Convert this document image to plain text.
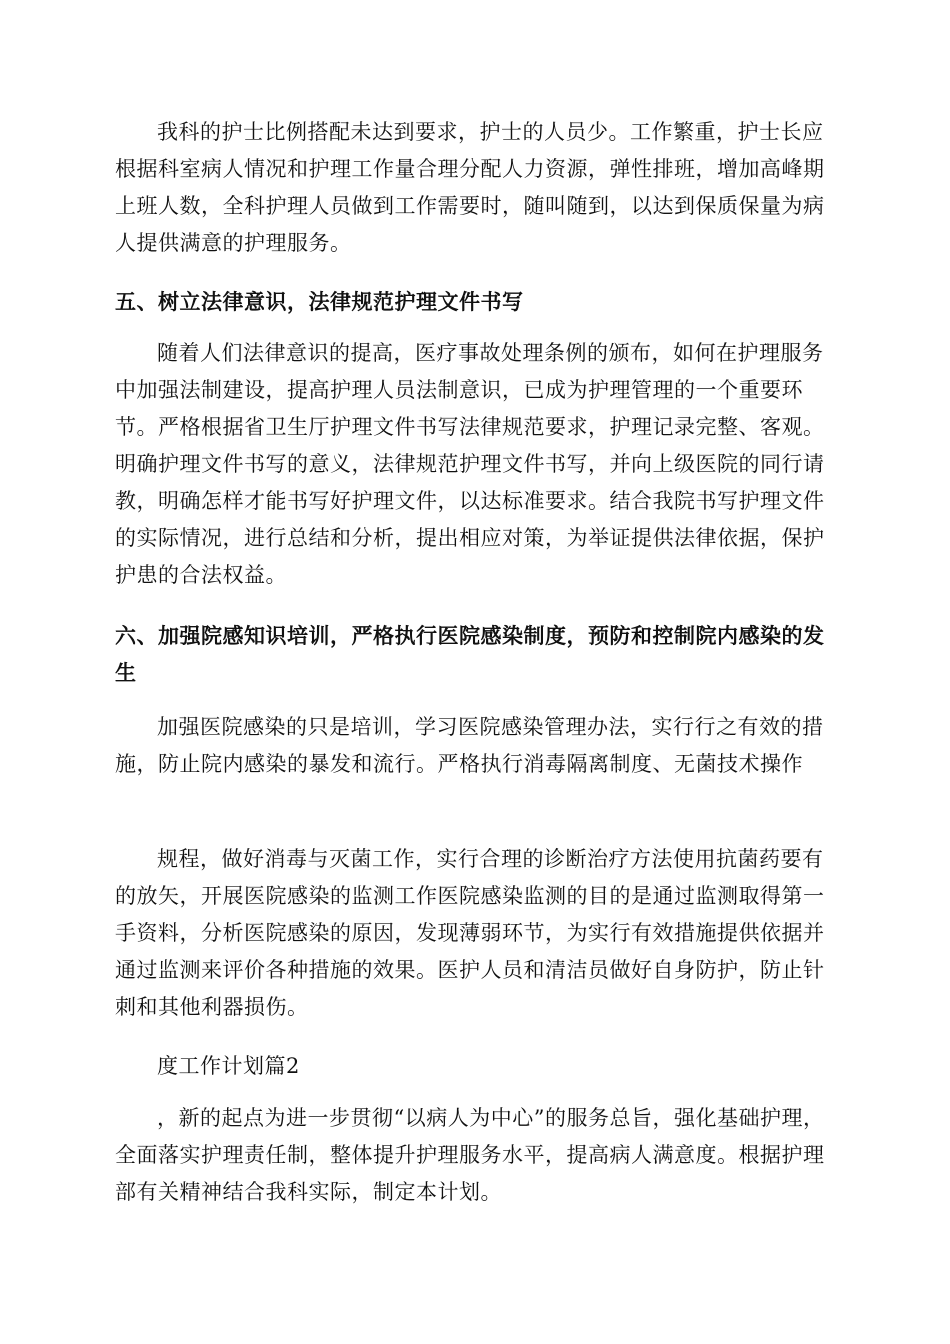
我科的护士比例搭配未达到要求，护士的人员少。工作繁重，护士长应根据科室病人情况和护理工作量合理分配人力资源，弹性排班，增加高峰期上班人数，全科护理人员做到工作需要时，随叫随到，以达到保质保量为病人提供满意的护理服务。

五、树立法律意识，法律规范护理文件书写

随着人们法律意识的提高，医疗事故处理条例的颁布，如何在护理服务中加强法制建设，提高护理人员法制意识，已成为护理管理的一个重要环节。严格根据省卫生厅护理文件书写法律规范要求，护理记录完整、客观。明确护理文件书写的意义，法律规范护理文件书写，并向上级医院的同行请教，明确怎样才能书写好护理文件，以达标准要求。结合我院书写护理文件的实际情况，进行总结和分析，提出相应对策，为举证提供法律依据，保护护患的合法权益。

六、加强院感知识培训，严格执行医院感染制度，预防和控制院内感染的发生

加强医院感染的只是培训，学习医院感染管理办法，实行行之有效的措施，防止院内感染的暴发和流行。严格执行消毒隔离制度、无菌技术操作

规程，做好消毒与灭菌工作，实行合理的诊断治疗方法使用抗菌药要有的放矢，开展医院感染的监测工作医院感染监测的目的是通过监测取得第一手资料，分析医院感染的原因，发现薄弱环节，为实行有效措施提供依据并通过监测来评价各种措施的效果。医护人员和清洁员做好自身防护，防止针刺和其他利器损伤。

度工作计划篇2

，新的起点为进一步贯彻“以病人为中心”的服务总旨，强化基础护理，全面落实护理责任制，整体提升护理服务水平，提高病人满意度。根据护理部有关精神结合我科实际，制定本计划。
